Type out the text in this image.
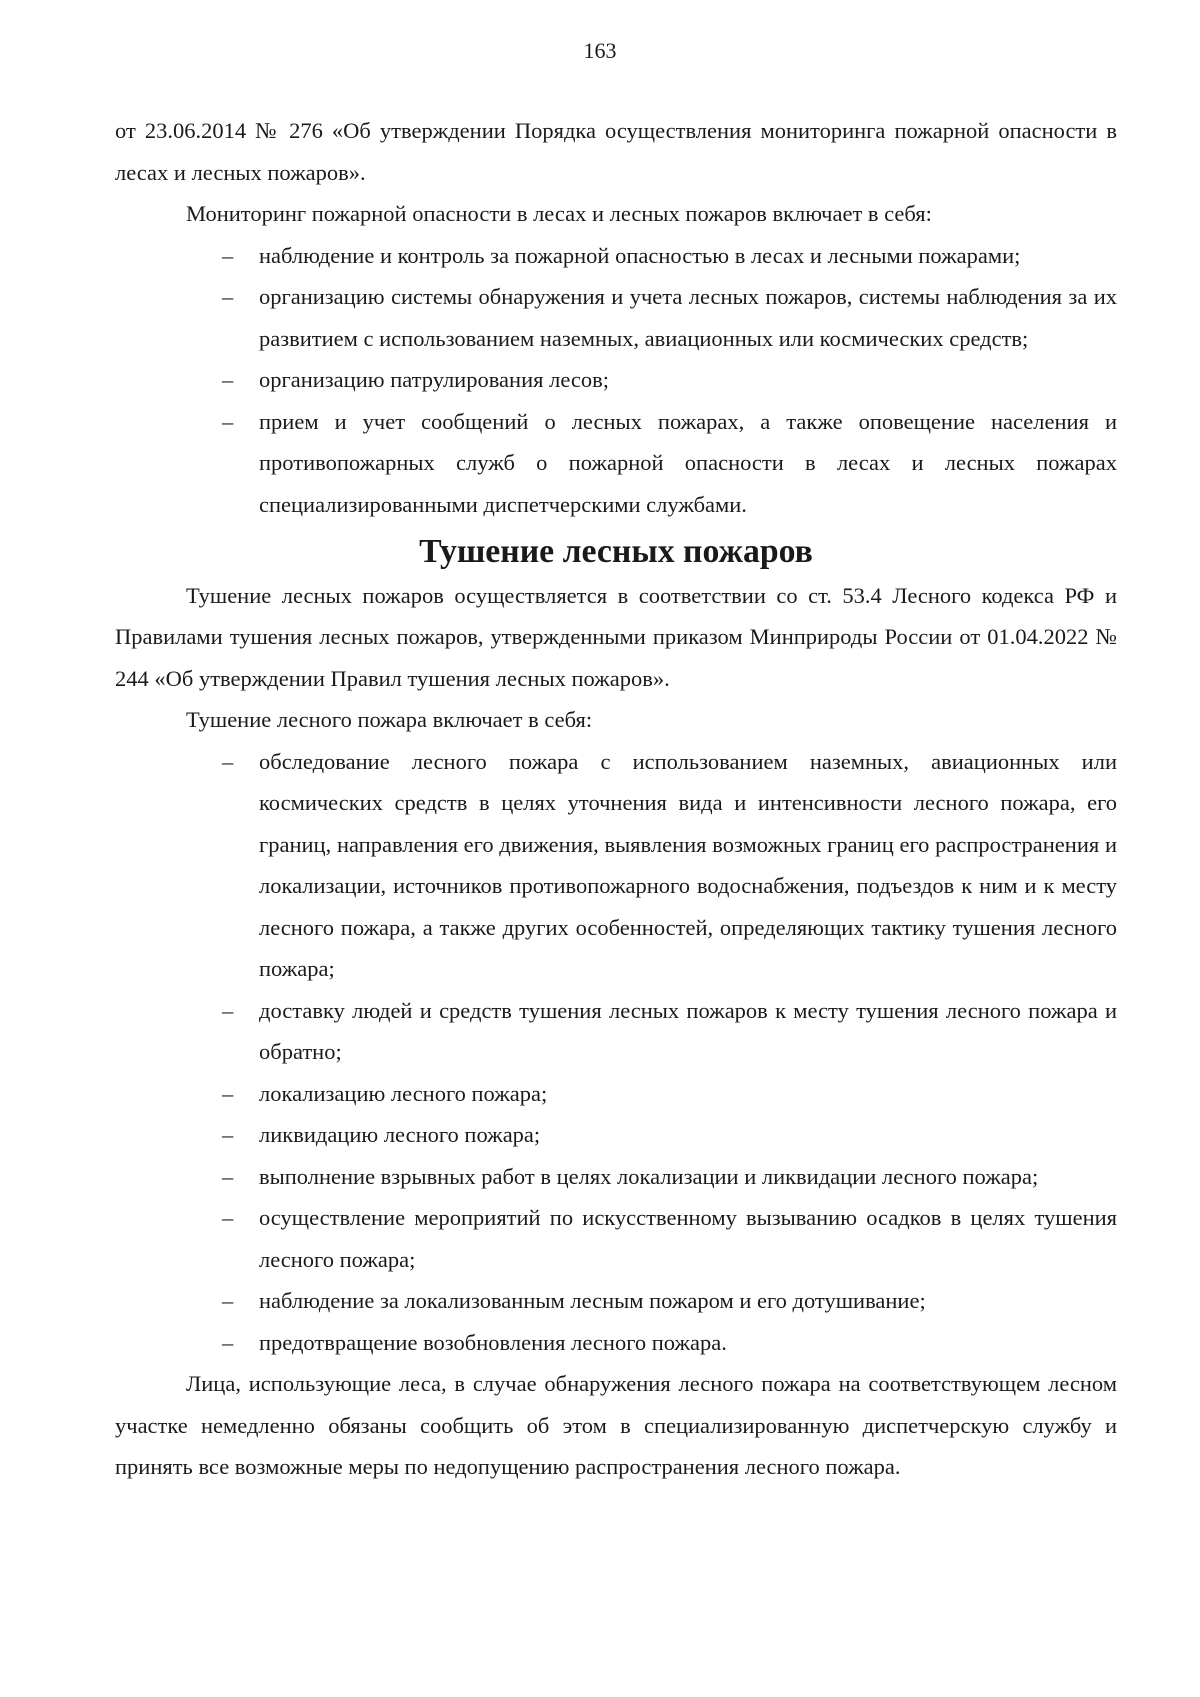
163

от 23.06.2014 № 276 «Об утверждении Порядка осуществления мониторинга пожарной опасности в лесах и лесных пожаров».

Мониторинг пожарной опасности в лесах и лесных пожаров включает в себя:

– наблюдение и контроль за пожарной опасностью в лесах и лесными пожарами;
– организацию системы обнаружения и учета лесных пожаров, системы наблюдения за их развитием с использованием наземных, авиационных или космических средств;
– организацию патрулирования лесов;
– прием и учет сообщений о лесных пожарах, а также оповещение населения и противопожарных служб о пожарной опасности в лесах и лесных пожарах специализированными диспетчерскими службами.
Тушение лесных пожаров

Тушение лесных пожаров осуществляется в соответствии со ст. 53.4 Лесного кодекса РФ и Правилами тушения лесных пожаров, утвержденными приказом Минприроды России от 01.04.2022 № 244 «Об утверждении Правил тушения лесных пожаров».

Тушение лесного пожара включает в себя:

– обследование лесного пожара с использованием наземных, авиационных или космических средств в целях уточнения вида и интенсивности лесного пожара, его границ, направления его движения, выявления возможных границ его распространения и локализации, источников противопожарного водоснабжения, подъездов к ним и к месту лесного пожара, а также других особенностей, определяющих тактику тушения лесного пожара;
– доставку людей и средств тушения лесных пожаров к месту тушения лесного пожара и обратно;
– локализацию лесного пожара;
– ликвидацию лесного пожара;
– выполнение взрывных работ в целях локализации и ликвидации лесного пожара;
– осуществление мероприятий по искусственному вызыванию осадков в целях тушения лесного пожара;
– наблюдение за локализованным лесным пожаром и его дотушивание;
– предотвращение возобновления лесного пожара.

Лица, использующие леса, в случае обнаружения лесного пожара на соответствующем лесном участке немедленно обязаны сообщить об этом в специализированную диспетчерскую службу и принять все возможные меры по недопущению распространения лесного пожара.
